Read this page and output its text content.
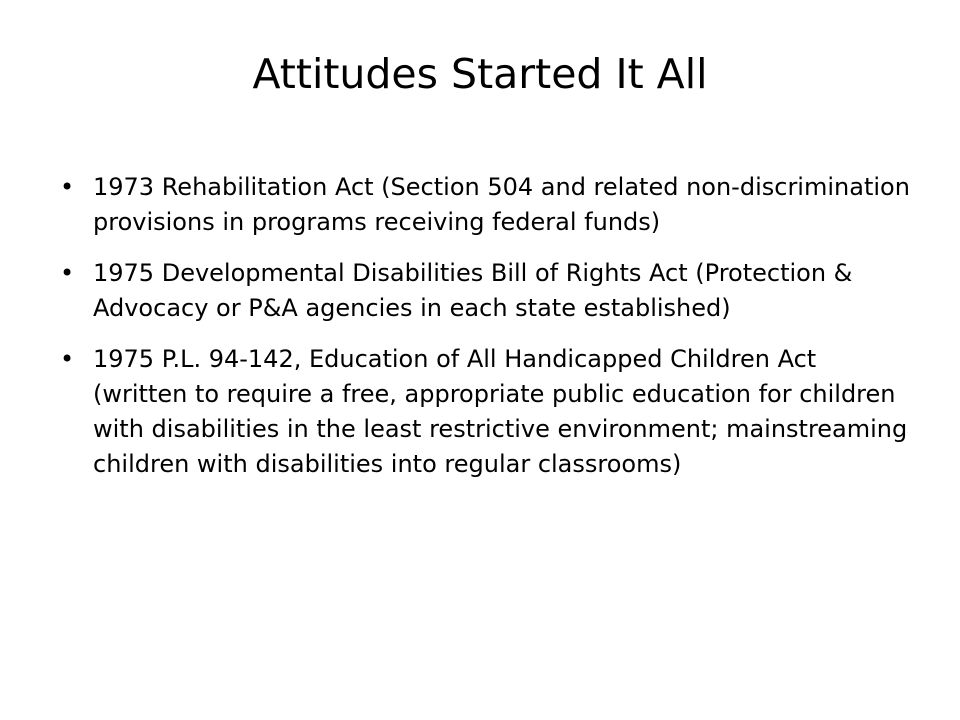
Attitudes Started It All
• 1973 Rehabilitation Act (Section 504 and related non-discrimination provisions in programs receiving federal funds)
• 1975 Developmental Disabilities Bill of Rights Act (Protection & Advocacy or P&A agencies in each state established)
• 1975 P.L. 94-142, Education of All Handicapped Children Act (written to require a free, appropriate public education for children with disabilities in the least restrictive environment; mainstreaming children with disabilities into regular classrooms)
